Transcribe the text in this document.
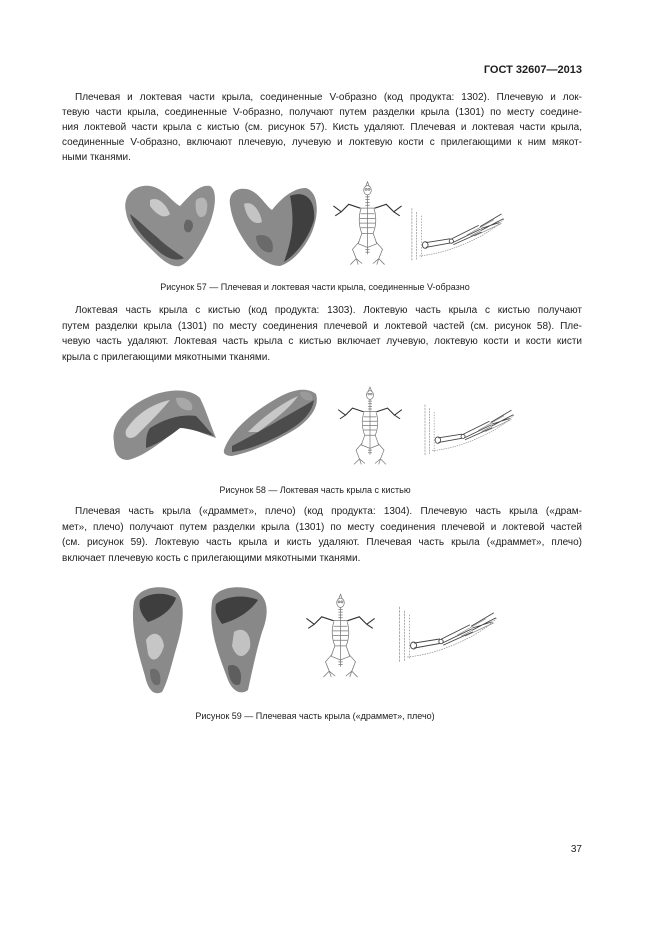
ГОСТ 32607—2013
Плечевая и локтевая части крыла, соединенные V-образно (код продукта: 1302). Плечевую и лок-
тевую части крыла, соединенные V-образно, получают путем разделки крыла (1301) по месту соедине-
ния локтевой части крыла с кистью (см. рисунок 57). Кисть удаляют. Плечевая и локтевая части крыла,
соединенные V-образно, включают плечевую, лучевую и локтевую кости с прилегающими к ним мякот-
ными тканями.
Рисунок 57 — Плечевая и локтевая части крыла, соединенные V-образно
Локтевая часть крыла с кистью (код продукта: 1303). Локтевую часть крыла с кистью получают
путем разделки крыла (1301) по месту соединения плечевой и локтевой частей (см. рисунок 58). Пле-
чевую часть удаляют. Локтевая часть крыла с кистью включает лучевую, локтевую кости и кости кисти
крыла с прилегающими мякотными тканями.
Рисунок 58 — Локтевая часть крыла с кистью
Плечевая часть крыла («драммет», плечо) (код продукта: 1304). Плечевую часть крыла («драм-
мет», плечо) получают путем разделки крыла (1301) по месту соединения плечевой и локтевой частей
(см. рисунок 59). Локтевую часть крыла и кисть удаляют. Плечевая часть крыла («драммет», плечо)
включает плечевую кость с прилегающими мякотными тканями.
Рисунок 59 — Плечевая часть крыла («драммет», плечо)
37
